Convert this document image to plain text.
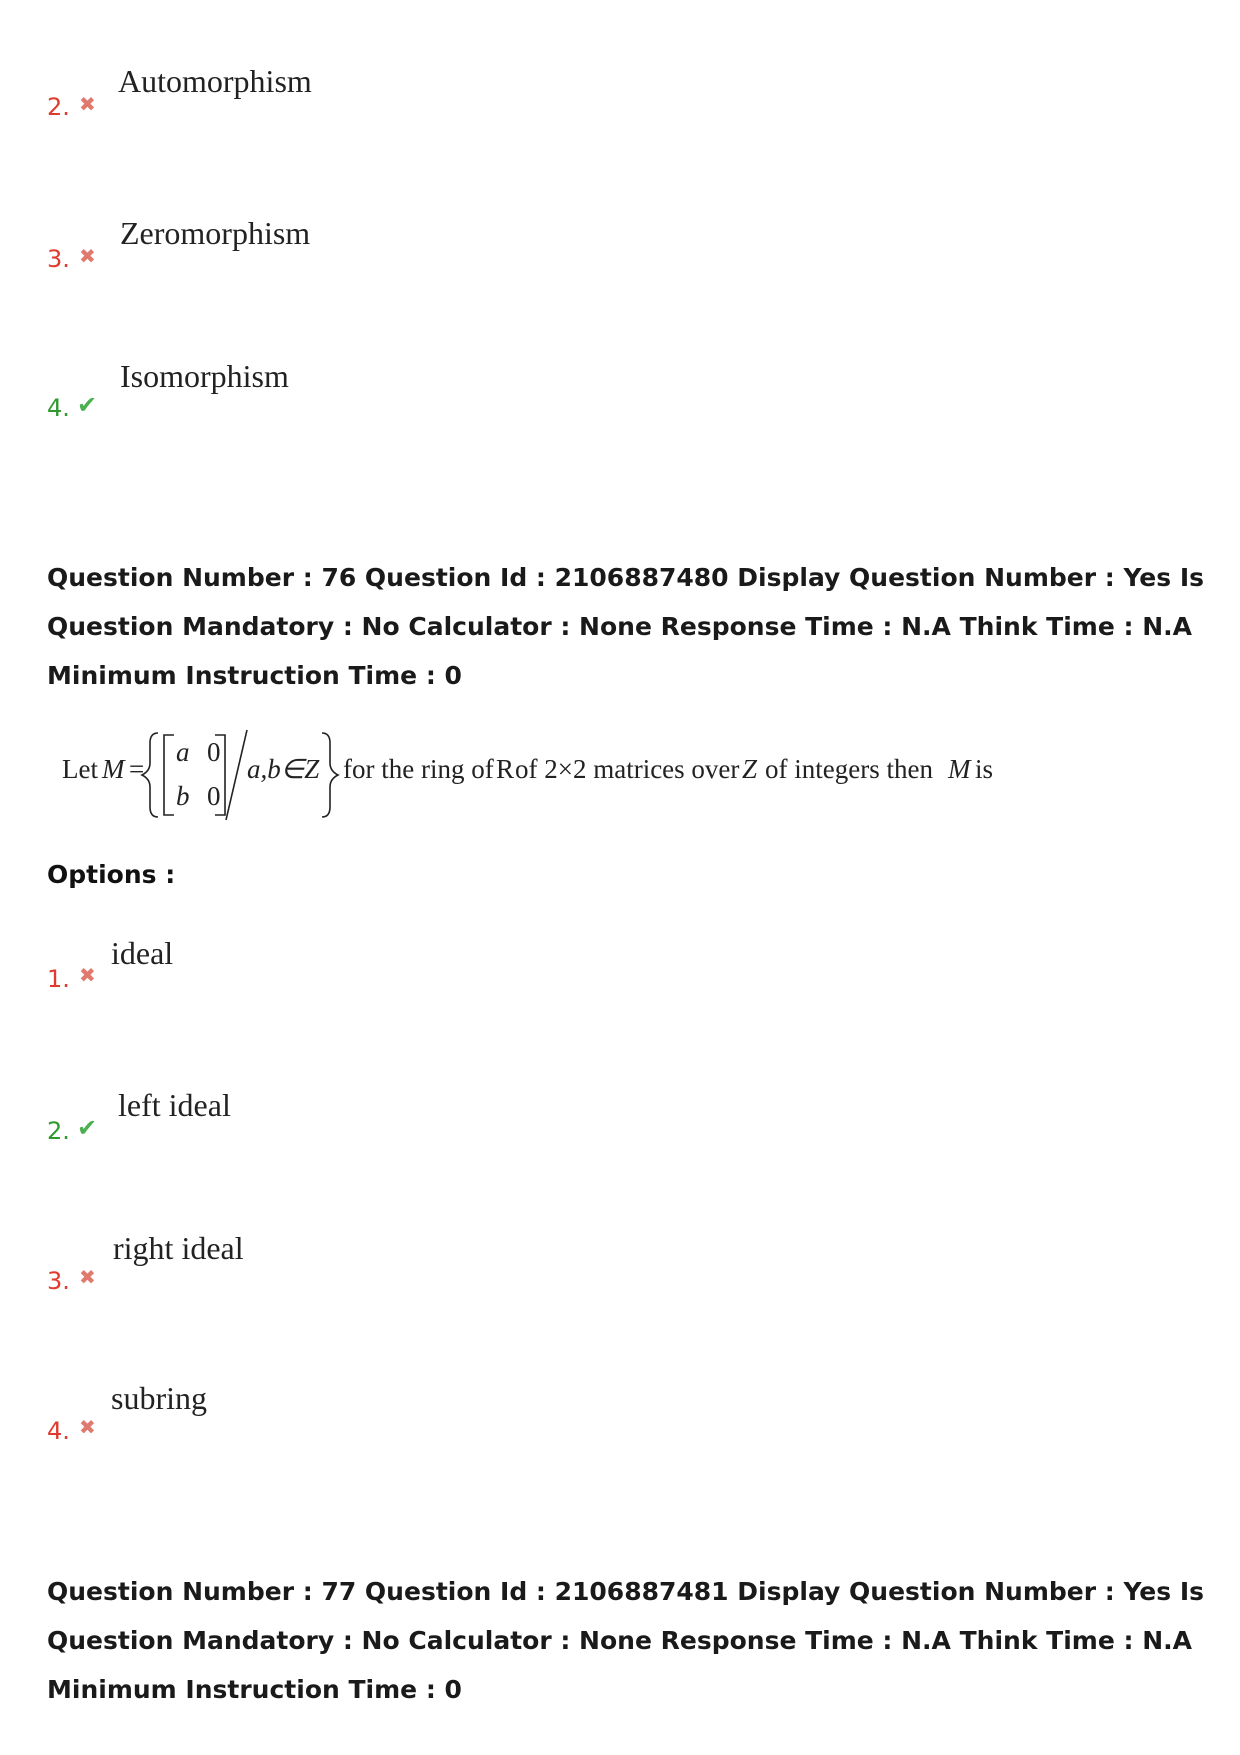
2. ✖
Automorphism
3. ✖
Zeromorphism
4. ✔
Isomorphism
Question Number : 76 Question Id : 2106887480 Display Question Number : Yes Is Question Mandatory : No Calculator : None Response Time : N.A Think Time : N.A Minimum Instruction Time : 0
Let M =
a 0
b 0
a,b∈Z for the ring of R of 2×2 matrices over Z of integers then M is
Options :
1. ✖
ideal
2. ✔
left ideal
3. ✖
right ideal
4. ✖
subring
Question Number : 77 Question Id : 2106887481 Display Question Number : Yes Is Question Mandatory : No Calculator : None Response Time : N.A Think Time : N.A Minimum Instruction Time : 0
